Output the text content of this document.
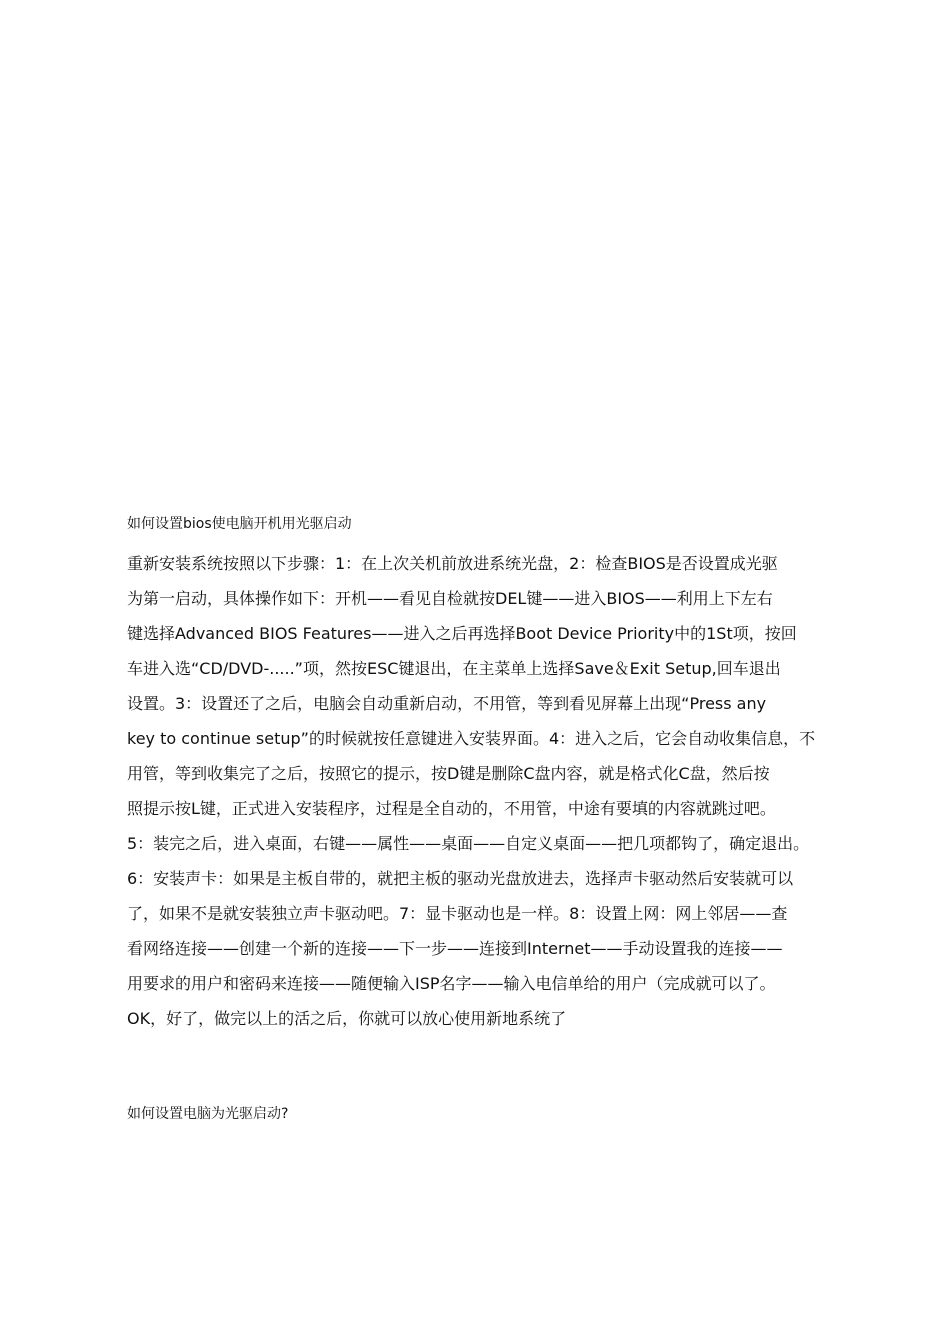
如何设置bios使电脑开机用光驱启动
重新安装系统按照以下步骤：1：在上次关机前放进系统光盘，2：检查BIOS是否设置成光驱
为第一启动，具体操作如下：开机——看见自检就按DEL键——进入BIOS——利用上下左右
键选择Advanced BIOS Features——进入之后再选择Boot Device Priority中的1St项，按回
车进入选“CD/DVD-.....”项，然按ESC键退出，在主菜单上选择Save＆Exit Setup,回车退出
设置。3：设置还了之后，电脑会自动重新启动，不用管，等到看见屏幕上出现“Press any
key to continue setup”的时候就按任意键进入安装界面。4：进入之后，它会自动收集信息，不
用管，等到收集完了之后，按照它的提示，按D键是删除C盘内容，就是格式化C盘，然后按
照提示按L键，正式进入安装程序，过程是全自动的，不用管，中途有要填的内容就跳过吧。
5：装完之后，进入桌面，右键——属性——桌面——自定义桌面——把几项都钩了，确定退出。
6：安装声卡：如果是主板自带的，就把主板的驱动光盘放进去，选择声卡驱动然后安装就可以
了，如果不是就安装独立声卡驱动吧。7：显卡驱动也是一样。8：设置上网：网上邻居——查
看网络连接——创建一个新的连接——下一步——连接到Internet——手动设置我的连接——
用要求的用户和密码来连接——随便输入ISP名字——输入电信单给的用户（完成就可以了。
OK，好了，做完以上的活之后，你就可以放心使用新地系统了
如何设置电脑为光驱启动?
